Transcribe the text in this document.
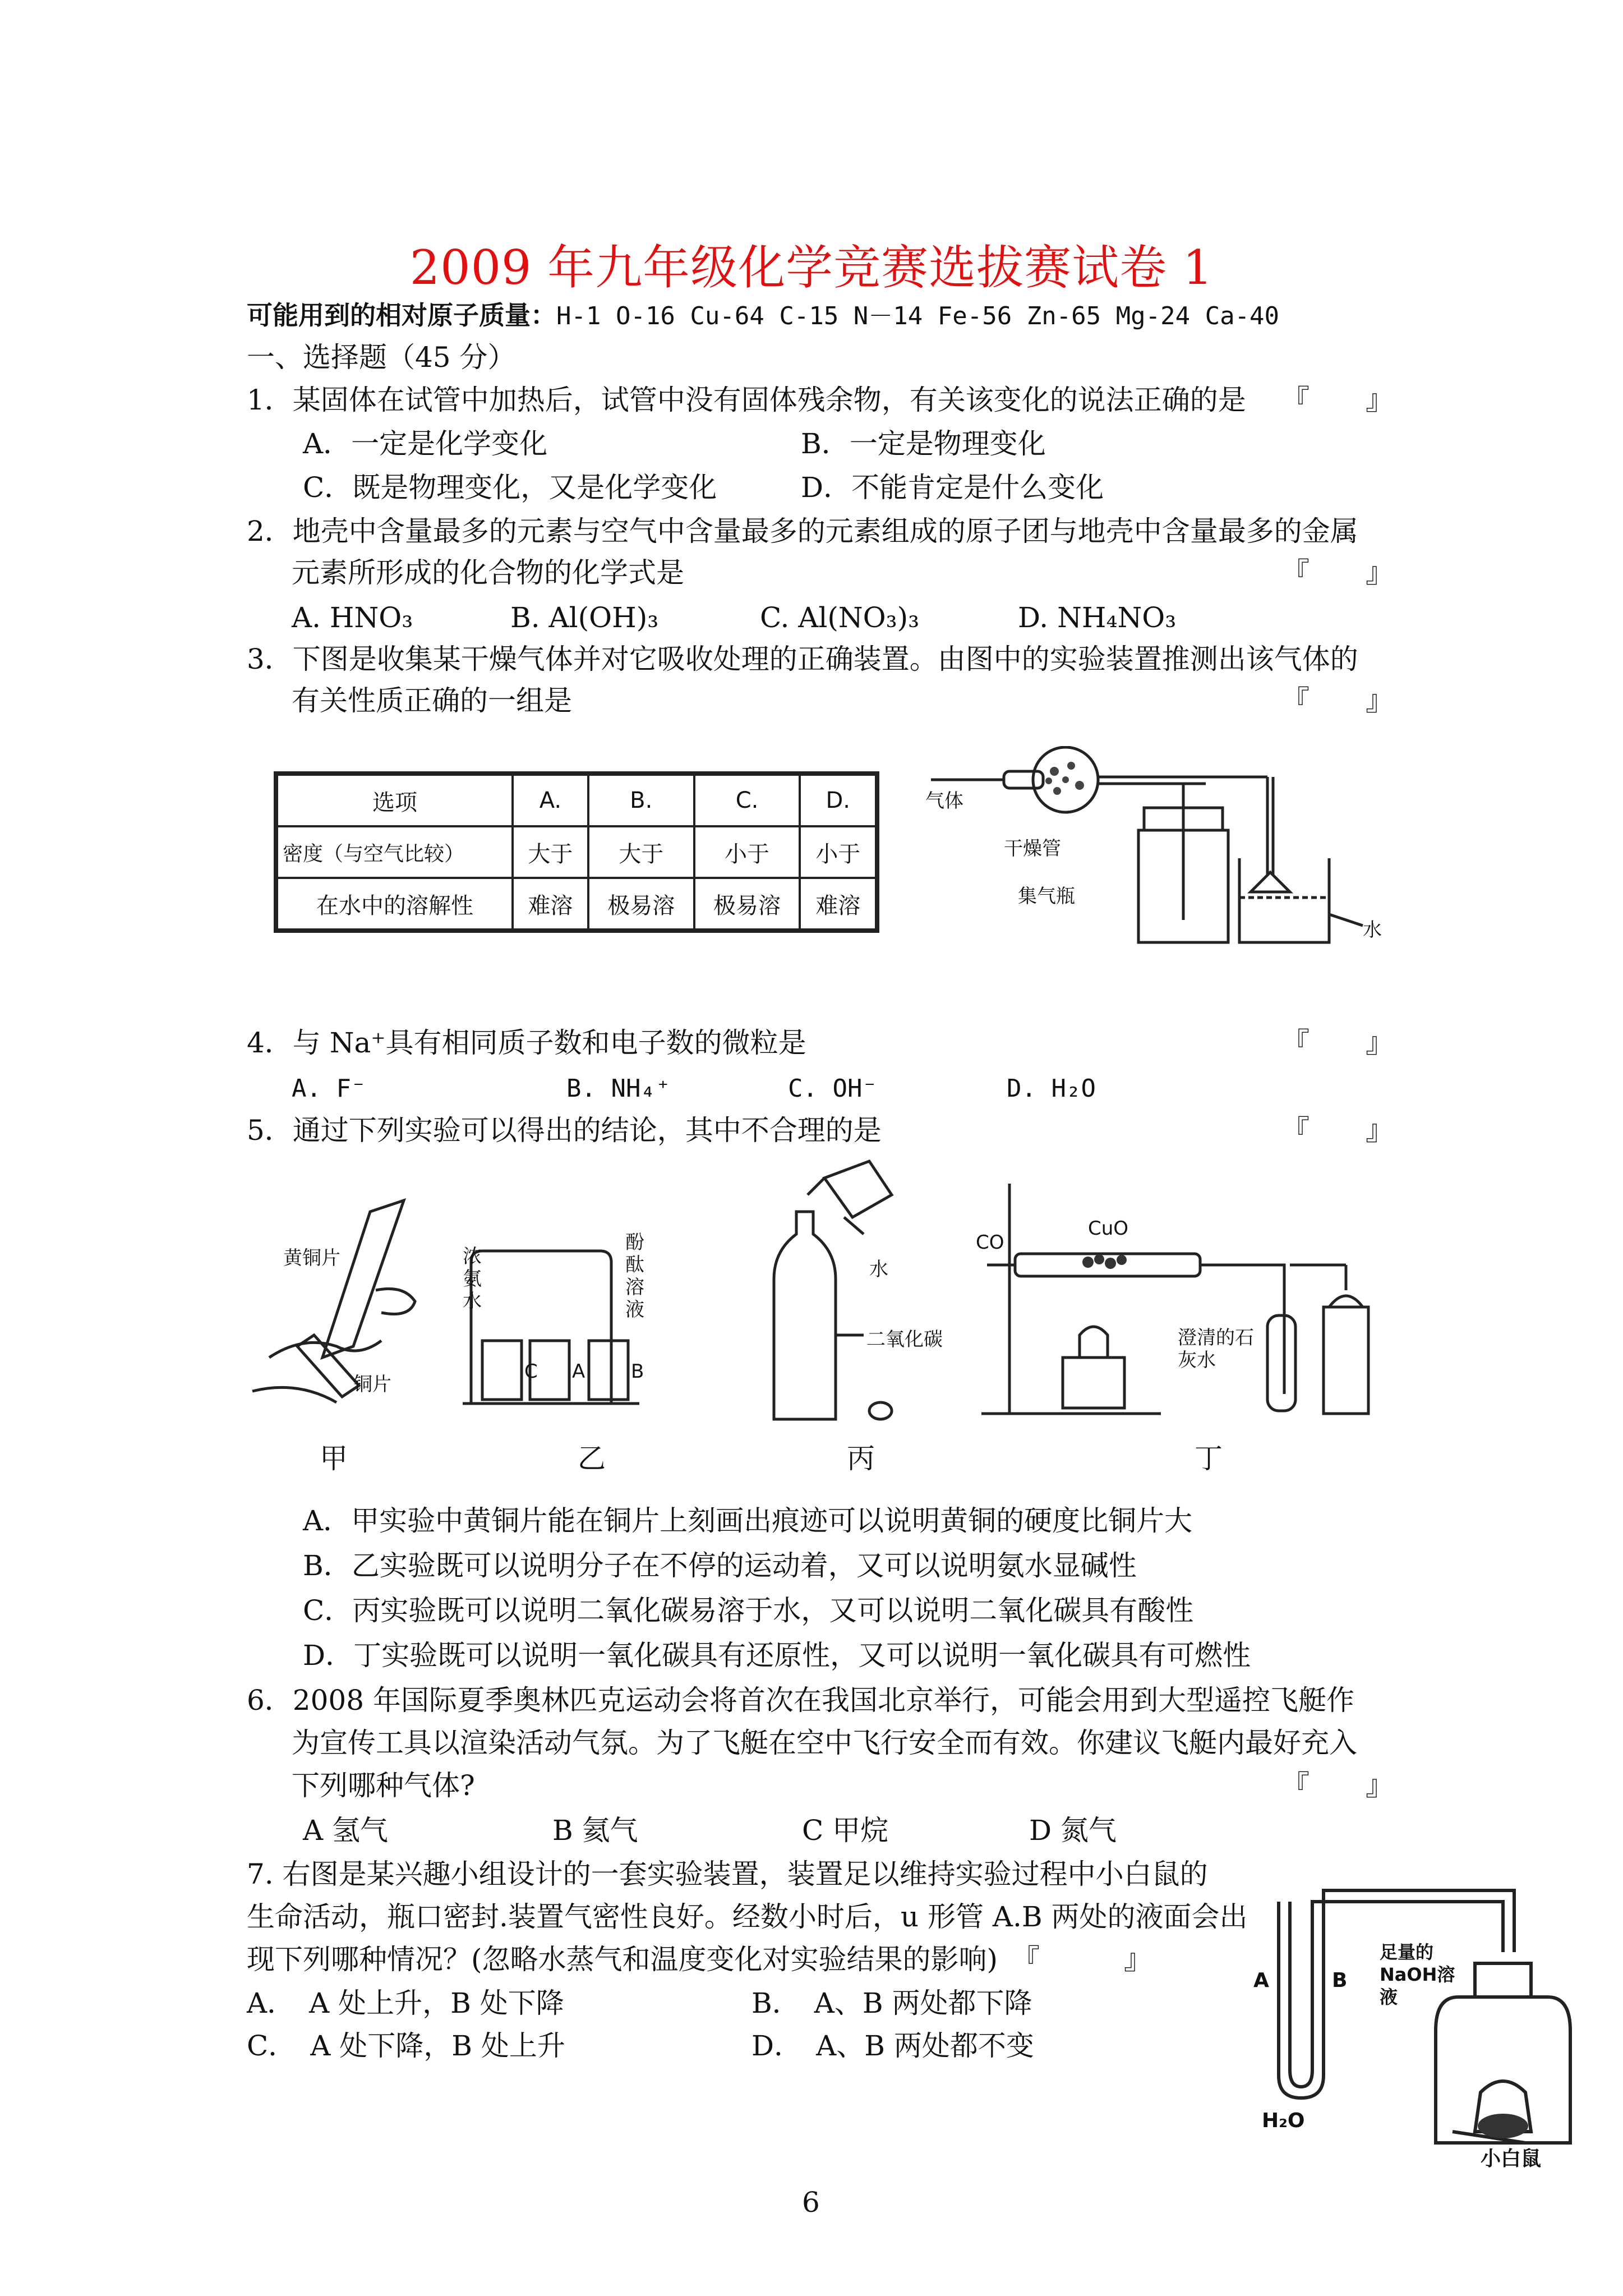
2009 年九年级化学竞赛选拔赛试卷 1
可能用到的相对原子质量：H-1 O-16 Cu-64 C-15 N－14 Fe-56 Zn-65 Mg-24 Ca-40
一、选择题（45 分）
1．某固体在试管中加热后，试管中没有固体残余物，有关该变化的说法正确的是 『　　』
A．一定是化学变化	B．一定是物理变化
C．既是物理变化，又是化学变化	D．不能肯定是什么变化
2．地壳中含量最多的元素与空气中含量最多的元素组成的原子团与地壳中含量最多的金属
元素所形成的化合物的化学式是	『　　』
A. HNO₃	B. Al(OH)₃	C. Al(NO₃)₃	D. NH₄NO₃
3．下图是收集某干燥气体并对它吸收处理的正确装置。由图中的实验装置推测出该气体的
有关性质正确的一组是	『　　』
选项	A.	B.	C.	D.
密度（与空气比较）	大于	大于	小于	小于
在水中的溶解性	难溶	极易溶	极易溶	难溶
气体
干燥管
集气瓶
水
4．与 Na⁺具有相同质子数和电子数的微粒是	『　　』
A. F⁻	B. NH₄⁺	C. OH⁻	D. H₂O
5．通过下列实验可以得出的结论，其中不合理的是	『　　』
黄铜片
铜片
甲
浓氨水
酚酞溶液
C A B
乙
水
二氧化碳
丙
CO
CuO
澄清的石灰水
丁
A．甲实验中黄铜片能在铜片上刻画出痕迹可以说明黄铜的硬度比铜片大
B．乙实验既可以说明分子在不停的运动着，又可以说明氨水显碱性
C．丙实验既可以说明二氧化碳易溶于水，又可以说明二氧化碳具有酸性
D．丁实验既可以说明一氧化碳具有还原性，又可以说明一氧化碳具有可燃性
6．2008 年国际夏季奥林匹克运动会将首次在我国北京举行，可能会用到大型遥控飞艇作
为宣传工具以渲染活动气氛。为了飞艇在空中飞行安全而有效。你建议飞艇内最好充入
下列哪种气体?	『　　』
A 氢气	B 氦气	C 甲烷	D 氮气
7. 右图是某兴趣小组设计的一套实验装置，装置足以维持实验过程中小白鼠的
生命活动，瓶口密封.装置气密性良好。经数小时后，u 形管 A.B 两处的液面会出
现下列哪种情况？(忽略水蒸气和温度变化对实验结果的影响)　『　　　』
A．　A 处上升，B 处下降	B．　A、B 两处都下降
C．　A 处下降，B 处上升	D．　A、B 两处都不变
A	B
足量的NaOH溶液
H₂O
小白鼠
6
